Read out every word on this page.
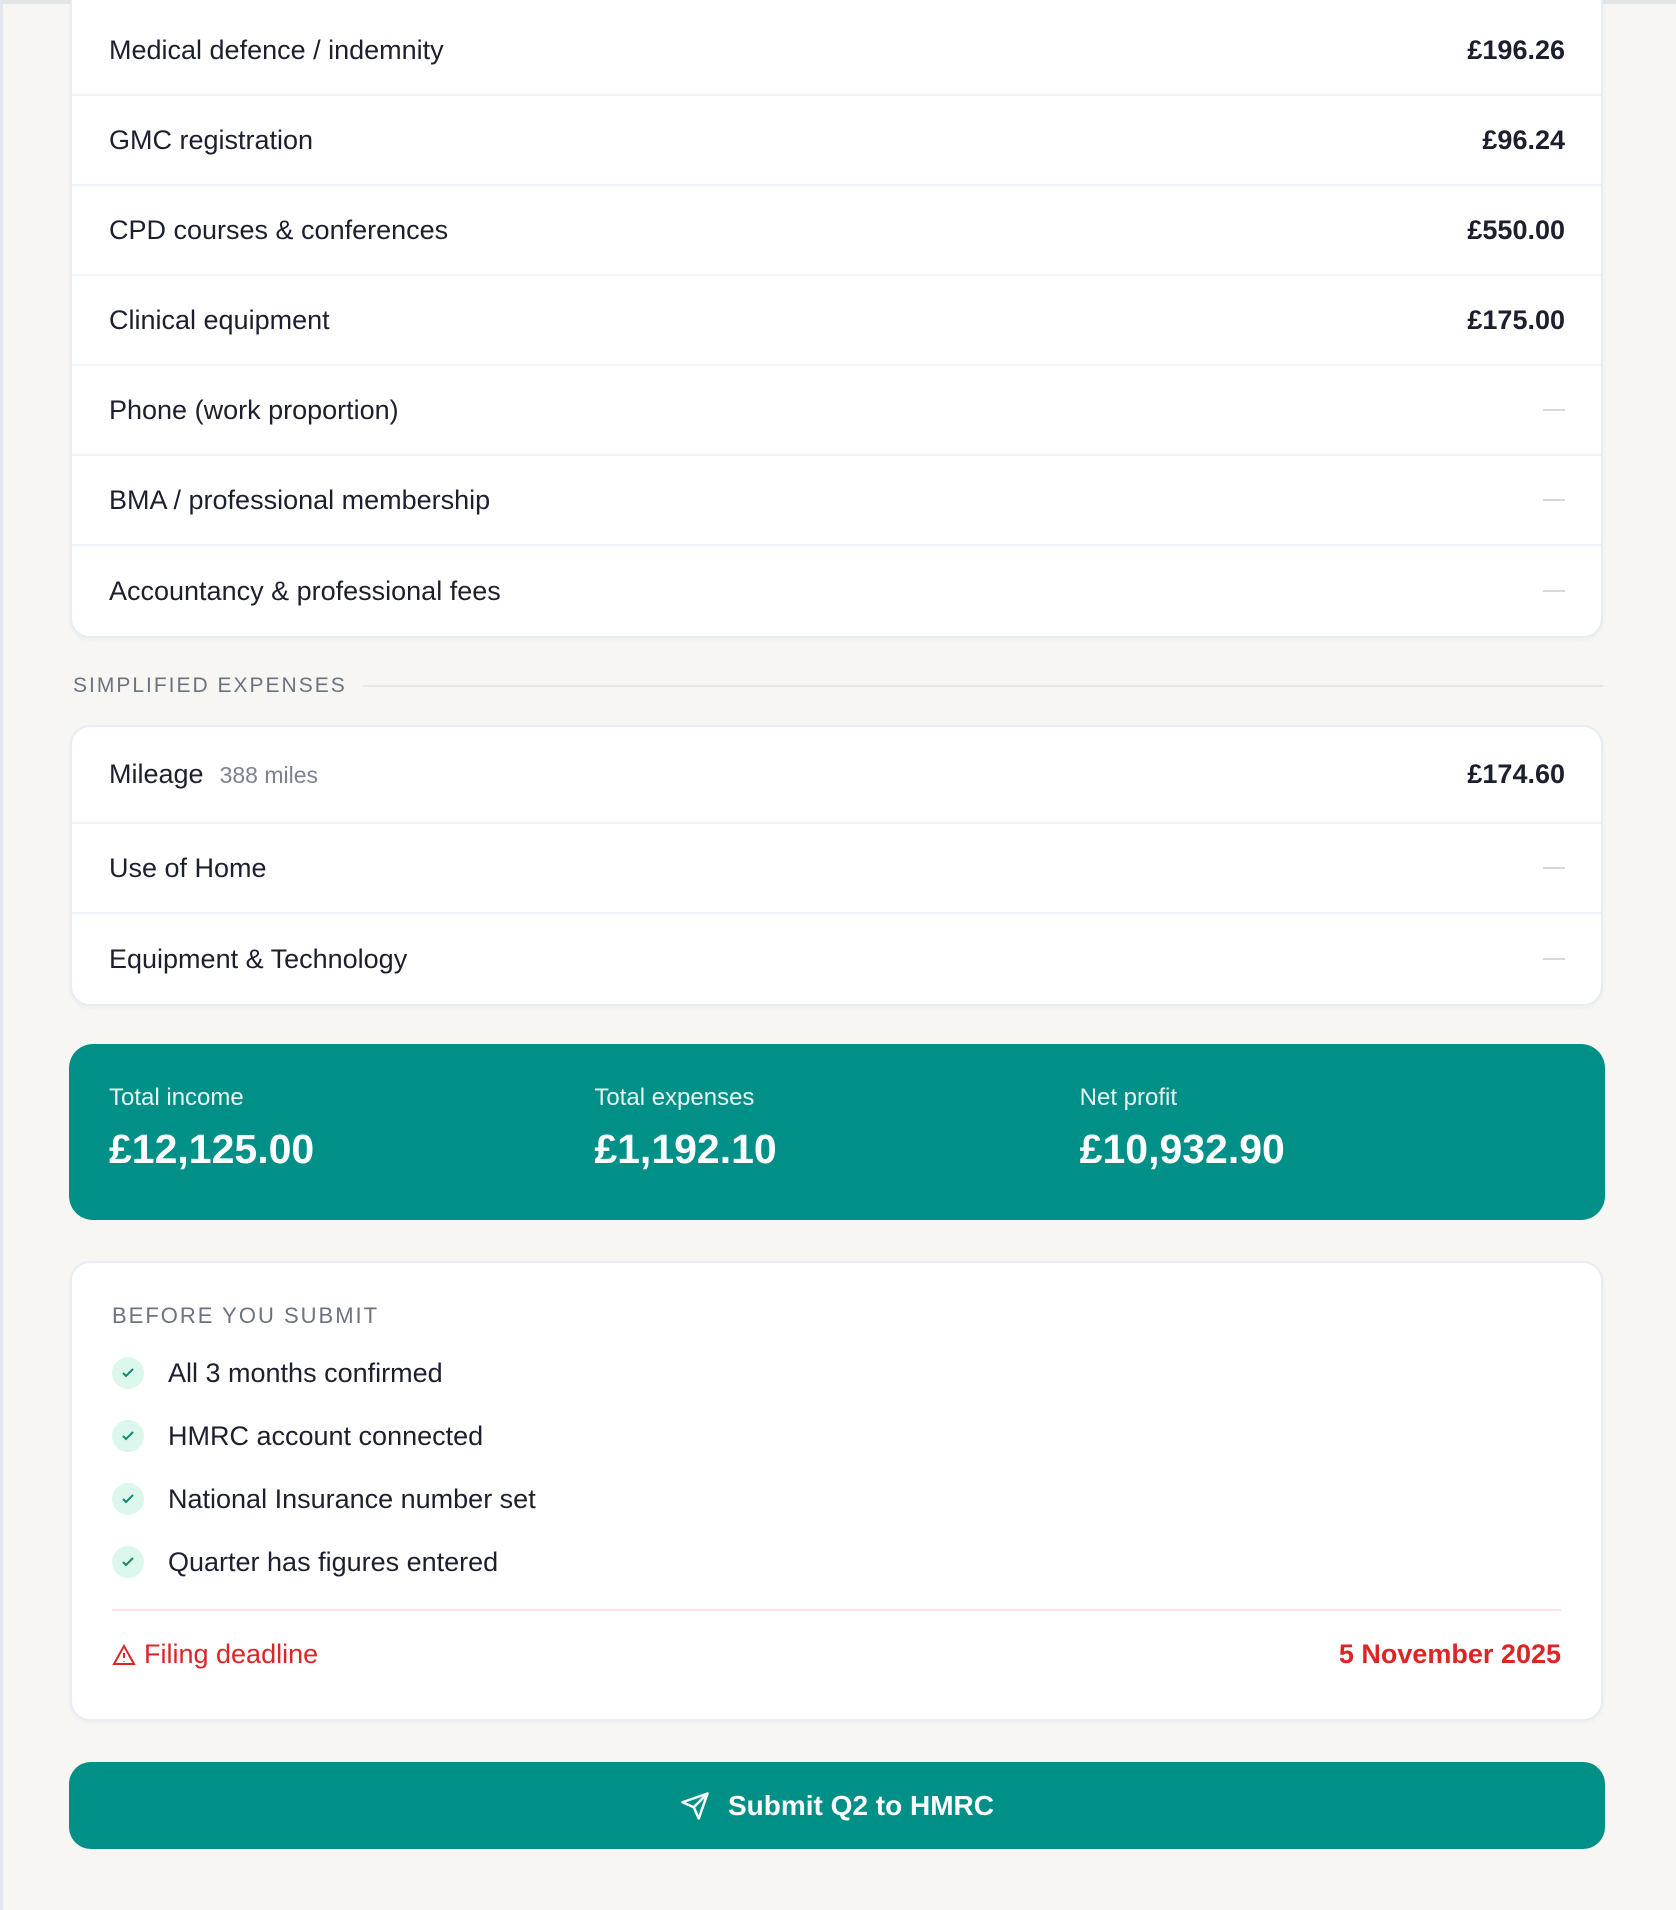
Medical defence / indemnity	£196.26
GMC registration	£96.24
CPD courses & conferences	£550.00
Clinical equipment	£175.00
Phone (work proportion)
BMA / professional membership
Accountancy & professional fees
SIMPLIFIED EXPENSES
Mileage 388 miles	£174.60
Use of Home
Equipment & Technology
Total income
£12,125.00
Total expenses
£1,192.10
Net profit
£10,932.90
BEFORE YOU SUBMIT
All 3 months confirmed
HMRC account connected
National Insurance number set
Quarter has figures entered
Filing deadline	5 November 2025
Submit Q2 to HMRC
